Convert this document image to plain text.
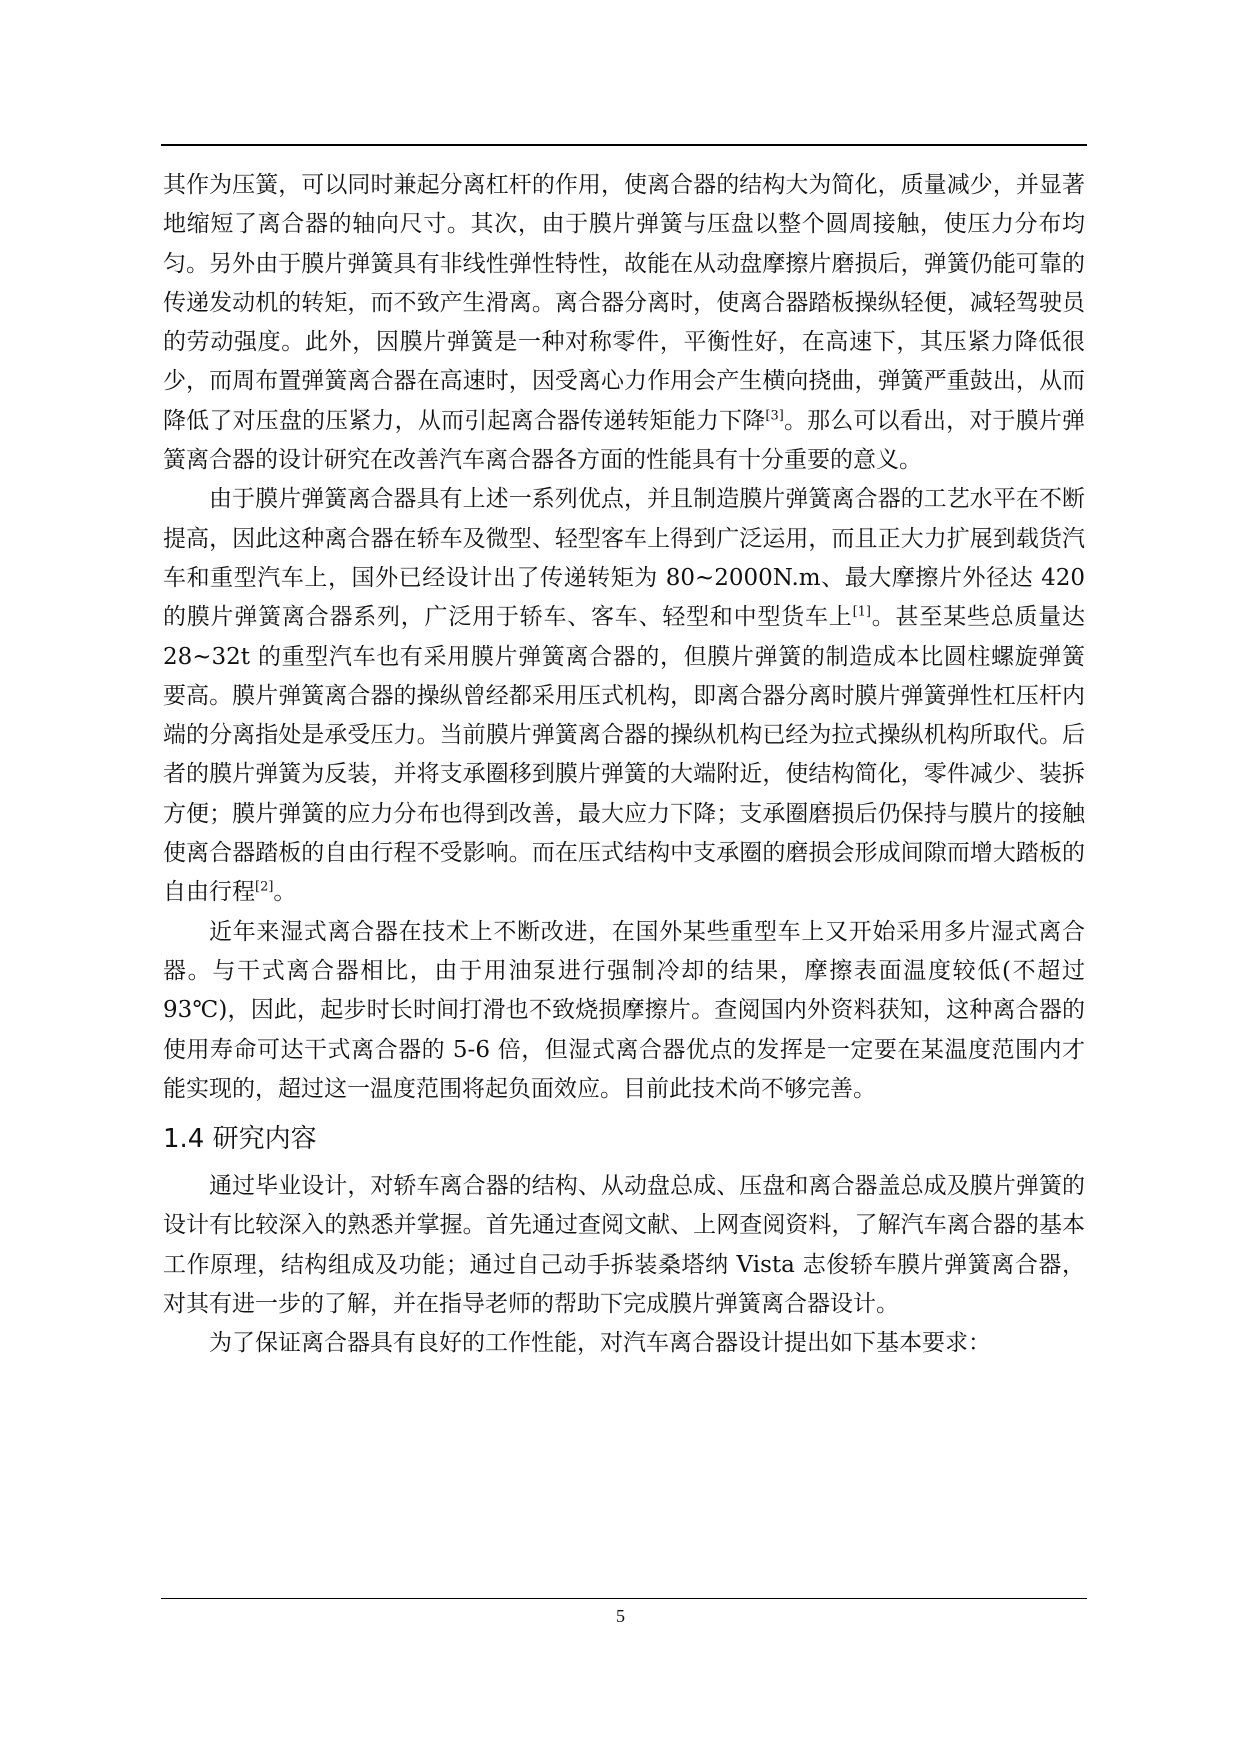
其作为压簧，可以同时兼起分离杠杆的作用，使离合器的结构大为简化，质量减少，并显著地缩短了离合器的轴向尺寸。其次，由于膜片弹簧与压盘以整个圆周接触，使压力分布均匀。另外由于膜片弹簧具有非线性弹性特性，故能在从动盘摩擦片磨损后，弹簧仍能可靠的传递发动机的转矩，而不致产生滑离。离合器分离时，使离合器踏板操纵轻便，减轻驾驶员的劳动强度。此外，因膜片弹簧是一种对称零件，平衡性好，在高速下，其压紧力降低很少，而周布置弹簧离合器在高速时，因受离心力作用会产生横向挠曲，弹簧严重鼓出，从而降低了对压盘的压紧力，从而引起离合器传递转矩能力下降[3]。那么可以看出，对于膜片弹簧离合器的设计研究在改善汽车离合器各方面的性能具有十分重要的意义。

由于膜片弹簧离合器具有上述一系列优点，并且制造膜片弹簧离合器的工艺水平在不断提高，因此这种离合器在轿车及微型、轻型客车上得到广泛运用，而且正大力扩展到载货汽车和重型汽车上，国外已经设计出了传递转矩为 80~2000N.m、最大摩擦片外径达 420 的膜片弹簧离合器系列，广泛用于轿车、客车、轻型和中型货车上[1]。甚至某些总质量达 28~32t 的重型汽车也有采用膜片弹簧离合器的，但膜片弹簧的制造成本比圆柱螺旋弹簧要高。膜片弹簧离合器的操纵曾经都采用压式机构，即离合器分离时膜片弹簧弹性杠压杆内端的分离指处是承受压力。当前膜片弹簧离合器的操纵机构已经为拉式操纵机构所取代。后者的膜片弹簧为反装，并将支承圈移到膜片弹簧的大端附近，使结构简化，零件减少、装拆方便；膜片弹簧的应力分布也得到改善，最大应力下降；支承圈磨损后仍保持与膜片的接触使离合器踏板的自由行程不受影响。而在压式结构中支承圈的磨损会形成间隙而增大踏板的自由行程[2]。

近年来湿式离合器在技术上不断改进，在国外某些重型车上又开始采用多片湿式离合器。与干式离合器相比，由于用油泵进行强制冷却的结果，摩擦表面温度较低(不超过 93℃)，因此，起步时长时间打滑也不致烧损摩擦片。查阅国内外资料获知，这种离合器的使用寿命可达干式离合器的 5-6 倍，但湿式离合器优点的发挥是一定要在某温度范围内才能实现的，超过这一温度范围将起负面效应。目前此技术尚不够完善。

1.4 研究内容

通过毕业设计，对轿车离合器的结构、从动盘总成、压盘和离合器盖总成及膜片弹簧的设计有比较深入的熟悉并掌握。首先通过查阅文献、上网查阅资料，了解汽车离合器的基本工作原理，结构组成及功能；通过自己动手拆装桑塔纳 Vista 志俊轿车膜片弹簧离合器，对其有进一步的了解，并在指导老师的帮助下完成膜片弹簧离合器设计。

为了保证离合器具有良好的工作性能，对汽车离合器设计提出如下基本要求：

5
